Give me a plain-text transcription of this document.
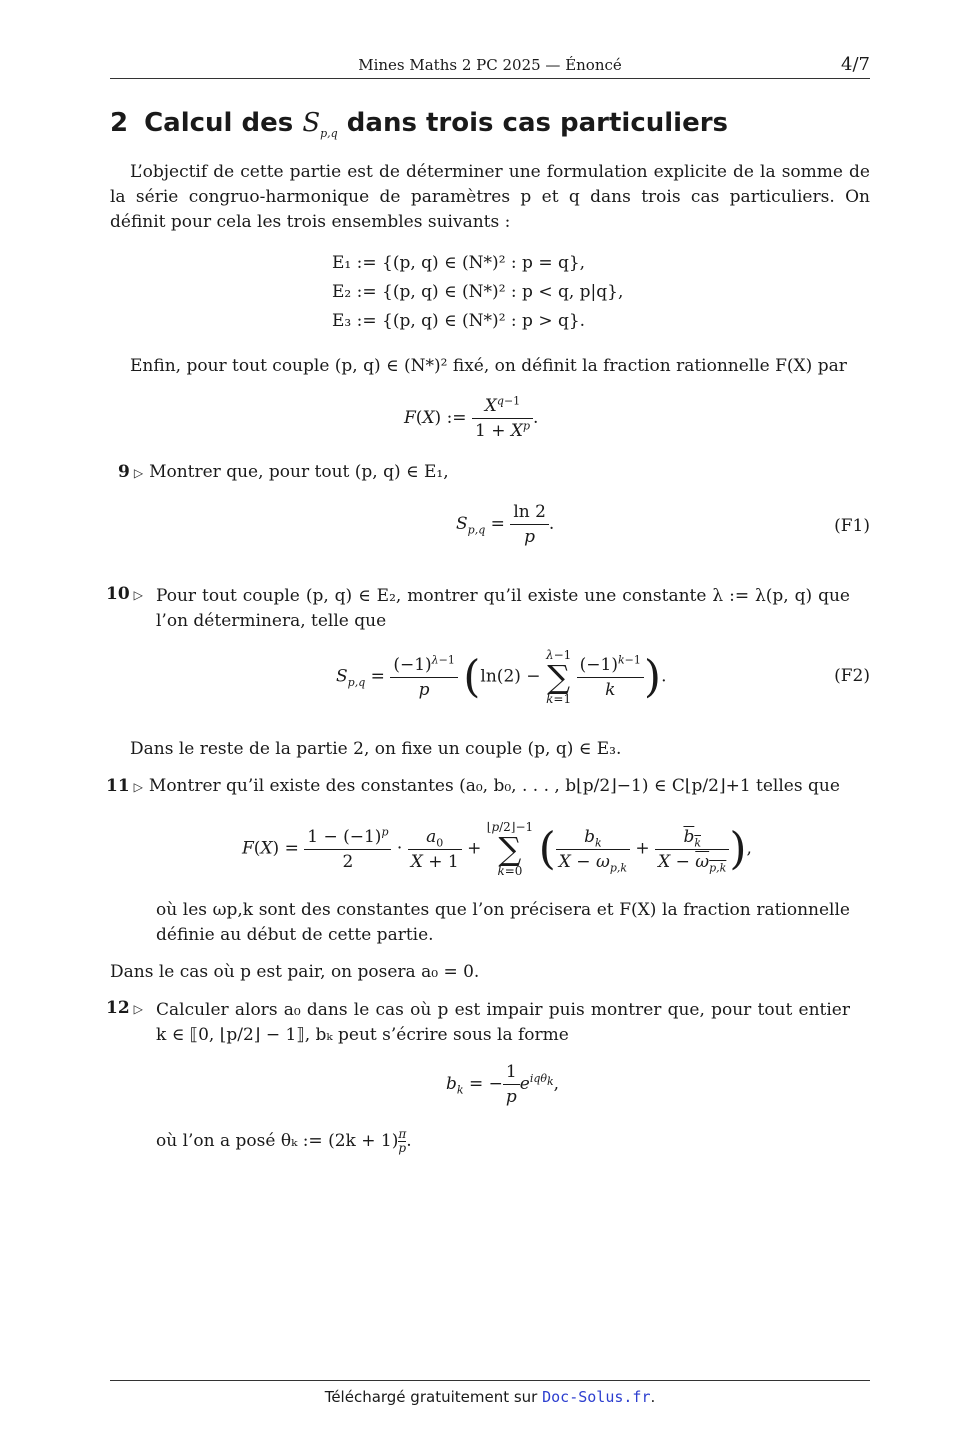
Mines Maths 2 PC 2025 — Énoncé	4/7
2 Calcul des $S_{p,q}$ dans trois cas particuliers
L’objectif de cette partie est de déterminer une formulation explicite de la somme de la série congruo-harmonique de paramètres p et q dans trois cas particuliers. On définit pour cela les trois ensembles suivants :
E₁ := {(p, q) ∈ (N*)² : p = q},
E₂ := {(p, q) ∈ (N*)² : p < q, p|q},
E₃ := {(p, q) ∈ (N*)² : p > q}.
Enfin, pour tout couple (p, q) ∈ (N*)² fixé, on définit la fraction rationnelle F(X) par
F(X) := $\frac{X^{q-1}}{1 + X^p}$ .
9 ▷ Montrer que, pour tout (p, q) ∈ E₁,
$S_{p,q} = \frac{\ln 2}{p}$ .	(F1)
10 ▷ Pour tout couple (p, q) ∈ E₂, montrer qu’il existe une constante λ := λ(p, q) que l’on déterminera, telle que
$S_{p,q} = \frac{(-1)^{\lambda-1}}{p} (\ln(2) - \lambda-1$
∑
$k=1 \frac{(-1)^{k-1}}{k}$ ).	(F2)
Dans le reste de la partie 2, on fixe un couple (p, q) ∈ E₃.
11 ▷ Montrer qu’il existe des constantes (a₀, b₀, . . . , b⌊p/2⌋−1) ∈ C⌊p/2⌋+1 telles que
$F(X) = \frac{1 - (-1)^p}{2} \cdot \frac{a_0}{X + 1}$ + ⌊p/2⌋−1
∑
k=0 ( $\frac{b_k}{X - \omega_{p,k}} + \frac{b_k}{X - \omega_{p,k}}$ ),
où les ωp,k sont des constantes que l’on précisera et F(X) la fraction rationnelle définie au début de cette partie.
Dans le cas où p est pair, on posera a₀ = 0.
12 ▷ Calculer alors a₀ dans le cas où p est impair puis montrer que, pour tout entier k ∈ ⟦0, ⌊p/2⌋ − 1⟧, bₖ peut s’écrire sous la forme
$b_k$ = − $\frac{1}{p} e^{iq\theta_k}$,
où l’on a posé θₖ := $(2k + 1) \frac{\pi}{p}$ .
Téléchargé gratuitement sur Doc-Solus.fr.
